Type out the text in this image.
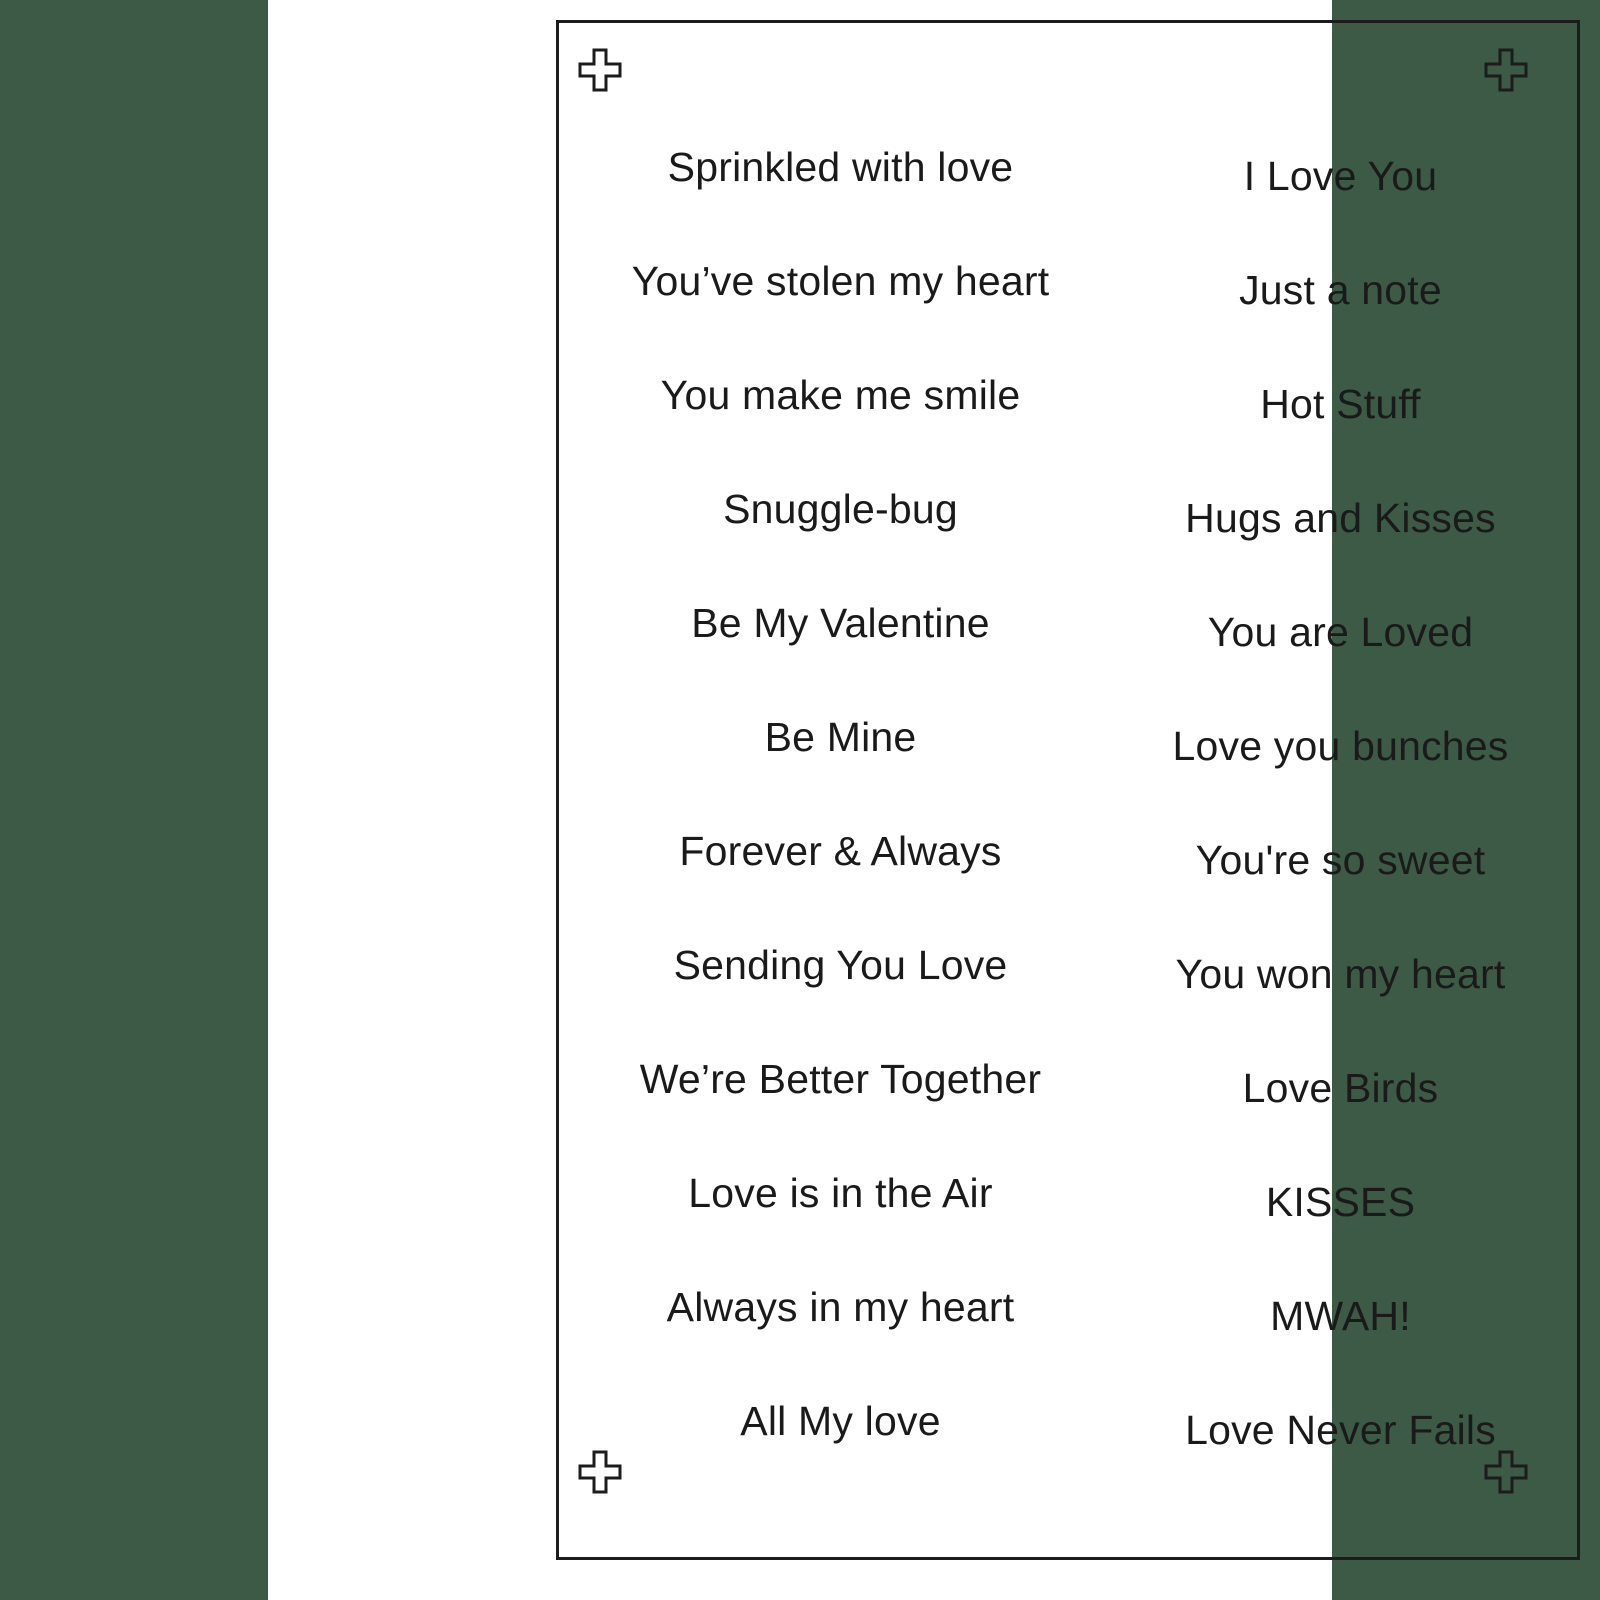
Sprinkled with love
You’ve stolen my heart
You make me smile
Snuggle-bug
Be My Valentine
Be Mine
Forever & Always
Sending You Love
We’re Better Together
Love is in the Air
Always in my heart
All My love
I Love You
Just a note
Hot Stuff
Hugs and Kisses
You are Loved
Love you bunches
You're so sweet
You won my heart
Love Birds
KISSES
MWAH!
Love Never Fails
